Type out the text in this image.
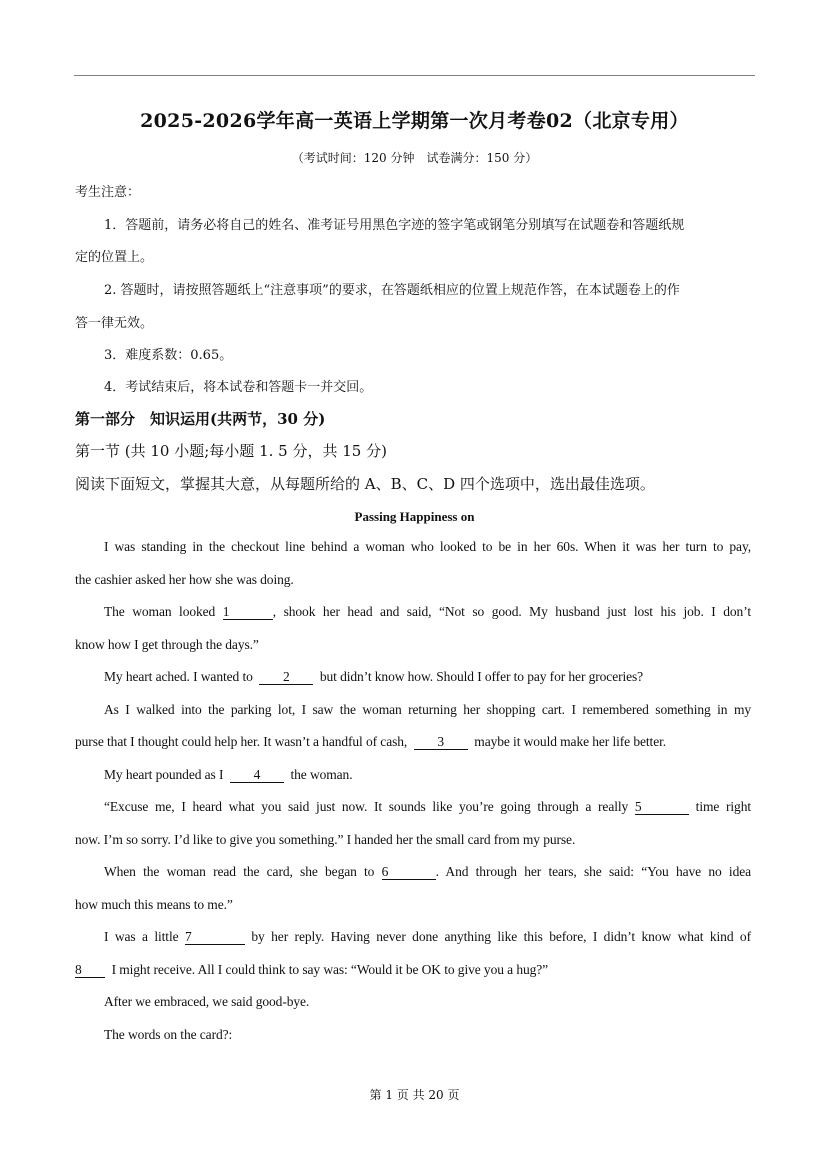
2025-2026学年高一英语上学期第一次月考卷02（北京专用）
（考试时间：120 分钟　试卷满分：150 分）
考生注意：
1．答题前，请务必将自己的姓名、准考证号用黑色字迹的签字笔或钢笔分别填写在试题卷和答题纸规
定的位置上。
2. 答题时，请按照答题纸上“注意事项”的要求，在答题纸相应的位置上规范作答，在本试题卷上的作
答一律无效。
3．难度系数：0.65。
4．考试结束后，将本试卷和答题卡一并交回。
第一部分　知识运用(共两节，30 分)
第一节 (共 10 小题;每小题 1. 5 分，共 15 分)
阅读下面短文，掌握其大意，从每题所给的 A、B、C、D 四个选项中，选出最佳选项。
Passing Happiness on
I was standing in the checkout line behind a woman who looked to be in her 60s. When it was her turn to pay,
the cashier asked her how she was doing.
The woman looked 1	, shook her head and said, “Not so good. My husband just lost his job. I don’t
know how I get through the days.”
My heart ached. I wanted to 2 but didn’t know how. Should I offer to pay for her groceries?
As I walked into the parking lot, I saw the woman returning her shopping cart. I remembered something in my
purse that I thought could help her. It wasn’t a handful of cash, 3 maybe it would make her life better.
My heart pounded as I 4 the woman.
“Excuse me, I heard what you said just now. It sounds like you’re going through a really 5	time right
now. I’m so sorry. I’d like to give you something.” I handed her the small card from my purse.
When the woman read the card, she began to 6	. And through her tears, she said: “You have no idea
how much this means to me.”
I was a little 7	by her reply. Having never done anything like this before, I didn’t know what kind of
8 I might receive. All I could think to say was: “Would it be OK to give you a hug?”
After we embraced, we said good-bye.
The words on the card?:
第 1 页 共 20 页
